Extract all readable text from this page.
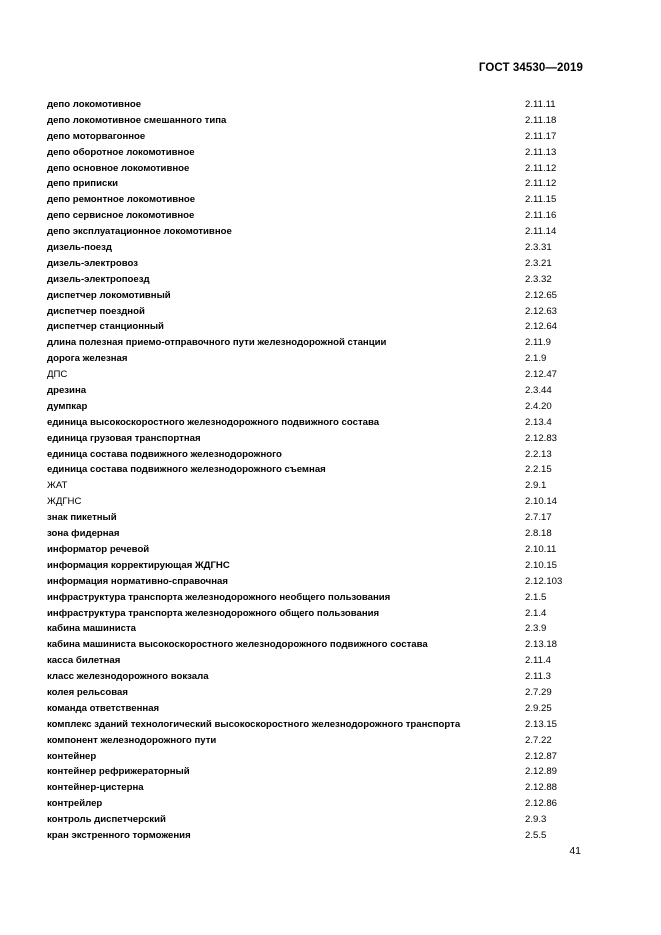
ГОСТ 34530—2019
депо локомотивное	2.11.11
депо локомотивное смешанного типа	2.11.18
депо моторвагонное	2.11.17
депо оборотное локомотивное	2.11.13
депо основное локомотивное	2.11.12
депо приписки	2.11.12
депо ремонтное локомотивное	2.11.15
депо сервисное локомотивное	2.11.16
депо эксплуатационное локомотивное	2.11.14
дизель-поезд	2.3.31
дизель-электровоз	2.3.21
дизель-электропоезд	2.3.32
диспетчер локомотивный	2.12.65
диспетчер поездной	2.12.63
диспетчер станционный	2.12.64
длина полезная приемо-отправочного пути железнодорожной станции	2.11.9
дорога железная	2.1.9
ДПС	2.12.47
дрезина	2.3.44
думпкар	2.4.20
единица высокоскоростного железнодорожного подвижного состава	2.13.4
единица грузовая транспортная	2.12.83
единица состава подвижного железнодорожного	2.2.13
единица состава подвижного железнодорожного съемная	2.2.15
ЖАТ	2.9.1
ЖДГНС	2.10.14
знак пикетный	2.7.17
зона фидерная	2.8.18
информатор речевой	2.10.11
информация корректирующая ЖДГНС	2.10.15
информация нормативно-справочная	2.12.103
инфраструктура транспорта железнодорожного необщего пользования	2.1.5
инфраструктура транспорта железнодорожного общего пользования	2.1.4
кабина машиниста	2.3.9
кабина машиниста высокоскоростного железнодорожного подвижного состава	2.13.18
касса билетная	2.11.4
класс железнодорожного вокзала	2.11.3
колея рельсовая	2.7.29
команда ответственная	2.9.25
комплекс зданий технологический высокоскоростного железнодорожного транспорта	2.13.15
компонент железнодорожного пути	2.7.22
контейнер	2.12.87
контейнер рефрижераторный	2.12.89
контейнер-цистерна	2.12.88
контрейлер	2.12.86
контроль диспетчерский	2.9.3
кран экстренного торможения	2.5.5
41
